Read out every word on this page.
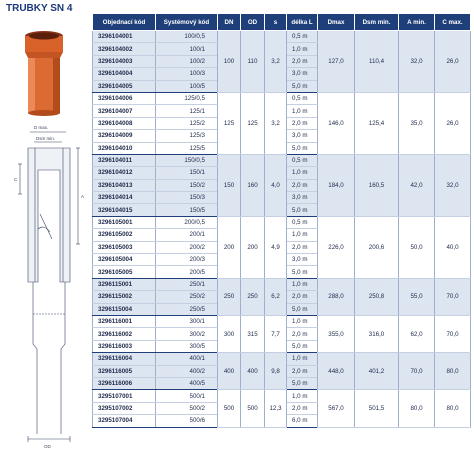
TRUBKY SN 4
D max.
Dsm min.
C
A
OD
Objednací kód	Systémový kód	DN	OD	s	délka L	Dmax	Dsm min.	A min.	C max.
3296104001	100/0,5	100	110	3,2	0,5 m	127,0	110,4	32,0	26,0
3296104002	100/1				1,0 m				
3296104003	100/2				2,0 m				
3296104004	100/3				3,0 m				
3296104005	100/5				5,0 m				
3296104006	125/0,5	125	125	3,2	0,5 m	146,0	125,4	35,0	26,0
3296104007	125/1				1,0 m				
3296104008	125/2				2,0 m				
3296104009	125/3				3,0 m				
3296104010	125/5				5,0 m				
3296104011	150/0,5	150	160	4,0	0,5 m	184,0	160,5	42,0	32,0
3296104012	150/1				1,0 m				
3296104013	150/2				2,0 m				
3296104014	150/3				3,0 m				
3296104015	150/5				5,0 m				
3296105001	200/0,5	200	200	4,9	0,5 m	226,0	200,6	50,0	40,0
3296105002	200/1				1,0 m				
3296105003	200/2				2,0 m				
3296105004	200/3				3,0 m				
3296105005	200/5				5,0 m				
3296115001	250/1	250	250	6,2	1,0 m	288,0	250,8	55,0	70,0
3296115002	250/2				2,0 m				
3296115004	250/5				5,0 m				
3296116001	300/1	300	315	7,7	1,0 m	355,0	316,0	62,0	70,0
3296116002	300/2				2,0 m				
3296116003	300/5				5,0 m				
3296116004	400/1	400	400	9,8	1,0 m	448,0	401,2	70,0	80,0
3296116005	400/2				2,0 m				
3296116006	400/5				5,0 m				
3295107001	500/1	500	500	12,3	1,0 m	567,0	501,5	80,0	80,0
3295107002	500/2				2,0 m				
3295107004	500/6				6,0 m				
